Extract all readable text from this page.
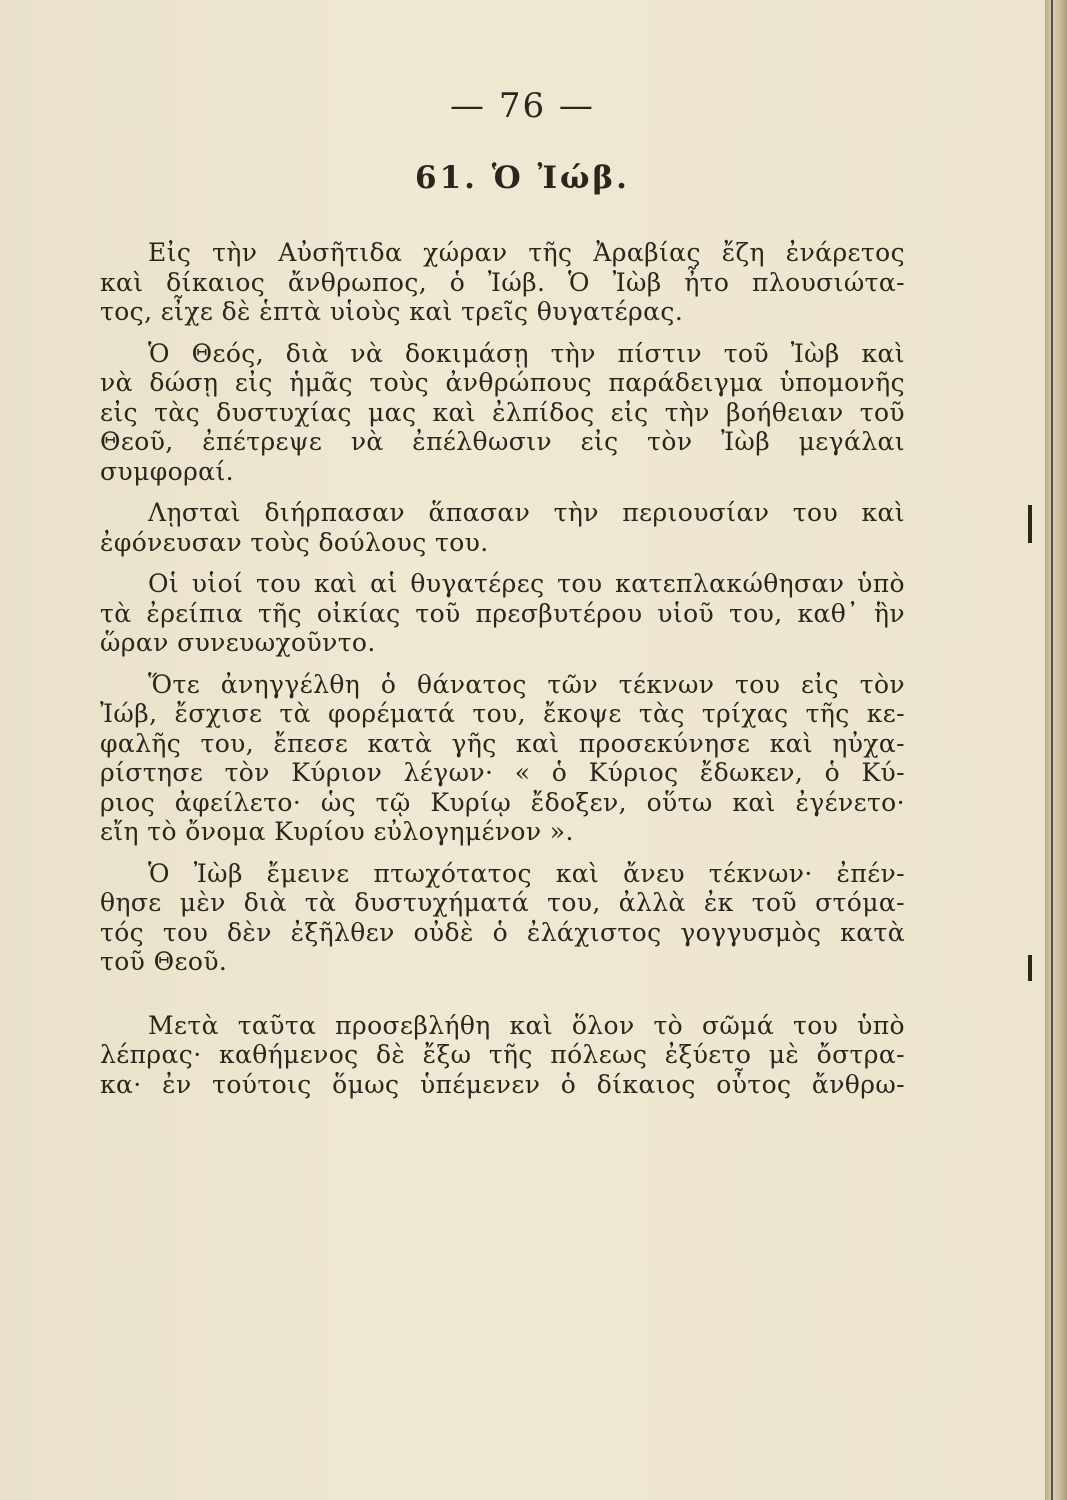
— 76 —
61. Ὁ Ἰώβ.
Εἰς τὴν Αὐσῆτιδα χώραν τῆς Ἀραβίας ἔζη ἐνάρετος
καὶ δίκαιος ἄνθρωπος, ὁ Ἰώβ. Ὁ Ἰὼβ ἦτο πλουσιώτα-
τος, εἶχε δὲ ἑπτὰ υἱοὺς καὶ τρεῖς θυγατέρας.
Ὁ Θεός, διὰ νὰ δοκιμάσῃ τὴν πίστιν τοῦ Ἰὼβ καὶ
νὰ δώσῃ εἰς ἡμᾶς τοὺς ἀνθρώπους παράδειγμα ὑπομονῆς
εἰς τὰς δυστυχίας μας καὶ ἐλπίδος εἰς τὴν βοήθειαν τοῦ
Θεοῦ, ἐπέτρεψε νὰ ἐπέλθωσιν εἰς τὸν Ἰὼβ μεγάλαι
συμφοραί.
Λῃσταὶ διήρπασαν ἅπασαν τὴν περιουσίαν του καὶ
ἐφόνευσαν τοὺς δούλους του.
Οἱ υἱοί του καὶ αἱ θυγατέρες του κατεπλακώθησαν ὑπὸ
τὰ ἐρείπια τῆς οἰκίας τοῦ πρεσβυτέρου υἱοῦ του, καθ᾿ ἣν
ὥραν συνευωχοῦντο.
Ὅτε ἀνηγγέλθη ὁ θάνατος τῶν τέκνων του εἰς τὸν
Ἰώβ, ἔσχισε τὰ φορέματά του, ἔκοψε τὰς τρίχας τῆς κε-
φαλῆς του, ἔπεσε κατὰ γῆς καὶ προσεκύνησε καὶ ηὐχα-
ρίστησε τὸν Κύριον λέγων· « ὁ Κύριος ἔδωκεν, ὁ Κύ-
ριος ἀφείλετο· ὡς τῷ Κυρίῳ ἔδοξεν, οὕτω καὶ ἐγένετο·
εἴη τὸ ὄνομα Κυρίου εὐλογημένον ».
Ὁ Ἰὼβ ἔμεινε πτωχότατος καὶ ἄνευ τέκνων· ἐπέν-
θησε μὲν διὰ τὰ δυστυχήματά του, ἀλλὰ ἐκ τοῦ στόμα-
τός του δὲν ἐξῆλθεν οὐδὲ ὁ ἐλάχιστος γογγυσμὸς κατὰ
τοῦ Θεοῦ.
Μετὰ ταῦτα προσεβλήθη καὶ ὅλον τὸ σῶμά του ὑπὸ
λέπρας· καθήμενος δὲ ἔξω τῆς πόλεως ἐξύετο μὲ ὄστρα-
κα· ἐν τούτοις ὅμως ὑπέμενεν ὁ δίκαιος οὗτος ἄνθρω-
